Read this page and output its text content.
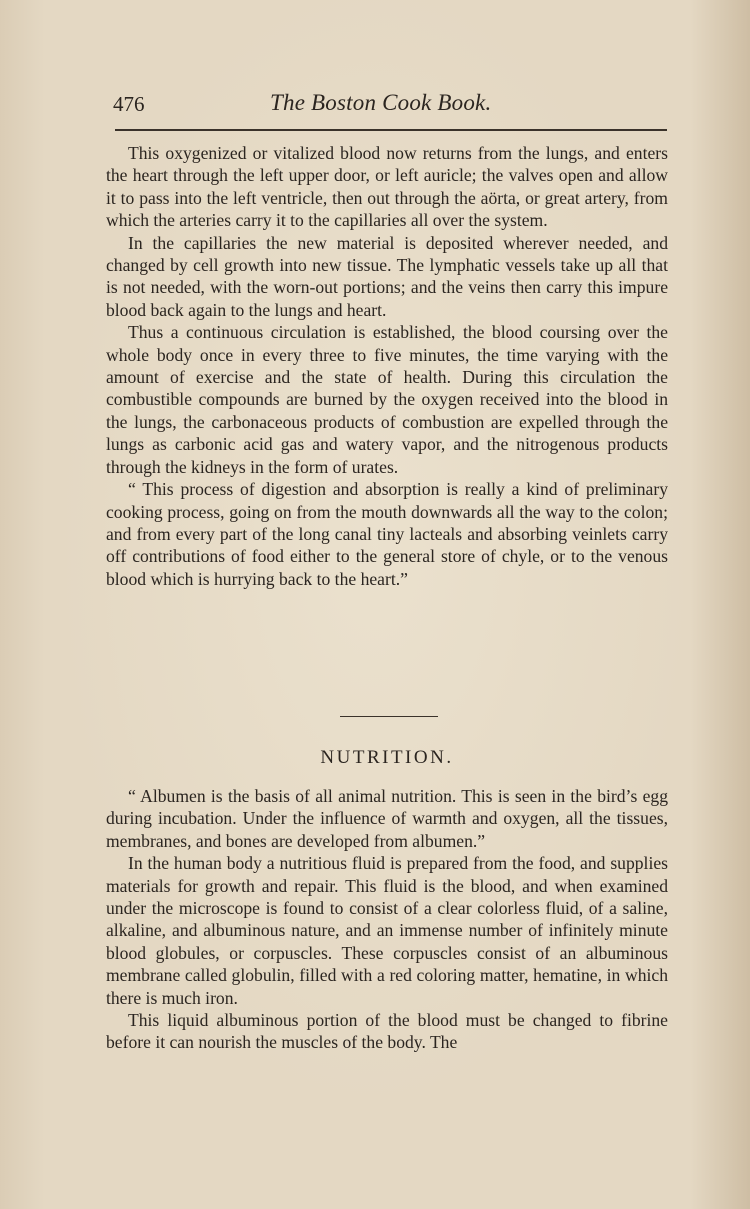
476	The Boston Cook Book.

This oxygenized or vitalized blood now returns from the lungs, and enters the heart through the left upper door, or left auricle; the valves open and allow it to pass into the left ventricle, then out through the aörta, or great artery, from which the arteries carry it to the capillaries all over the system.

In the capillaries the new material is deposited wherever needed, and changed by cell growth into new tissue. The lymphatic vessels take up all that is not needed, with the worn-out portions; and the veins then carry this impure blood back again to the lungs and heart.

Thus a continuous circulation is established, the blood coursing over the whole body once in every three to five minutes, the time varying with the amount of exercise and the state of health. During this circulation the combustible compounds are burned by the oxygen received into the blood in the lungs, the carbonaceous products of combustion are expelled through the lungs as carbonic acid gas and watery vapor, and the nitrogenous products through the kidneys in the form of urates.

“ This process of digestion and absorption is really a kind of preliminary cooking process, going on from the mouth downwards all the way to the colon; and from every part of the long canal tiny lacteals and absorbing veinlets carry off contributions of food either to the general store of chyle, or to the venous blood which is hurrying back to the heart.”

NUTRITION.

“ Albumen is the basis of all animal nutrition. This is seen in the bird’s egg during incubation. Under the influence of warmth and oxygen, all the tissues, membranes, and bones are developed from albumen.”

In the human body a nutritious fluid is prepared from the food, and supplies materials for growth and repair. This fluid is the blood, and when examined under the microscope is found to consist of a clear colorless fluid, of a saline, alkaline, and albuminous nature, and an immense number of infinitely minute blood globules, or corpuscles. These corpuscles consist of an albuminous membrane called globulin, filled with a red coloring matter, hematine, in which there is much iron.

This liquid albuminous portion of the blood must be changed to fibrine before it can nourish the muscles of the body. The
